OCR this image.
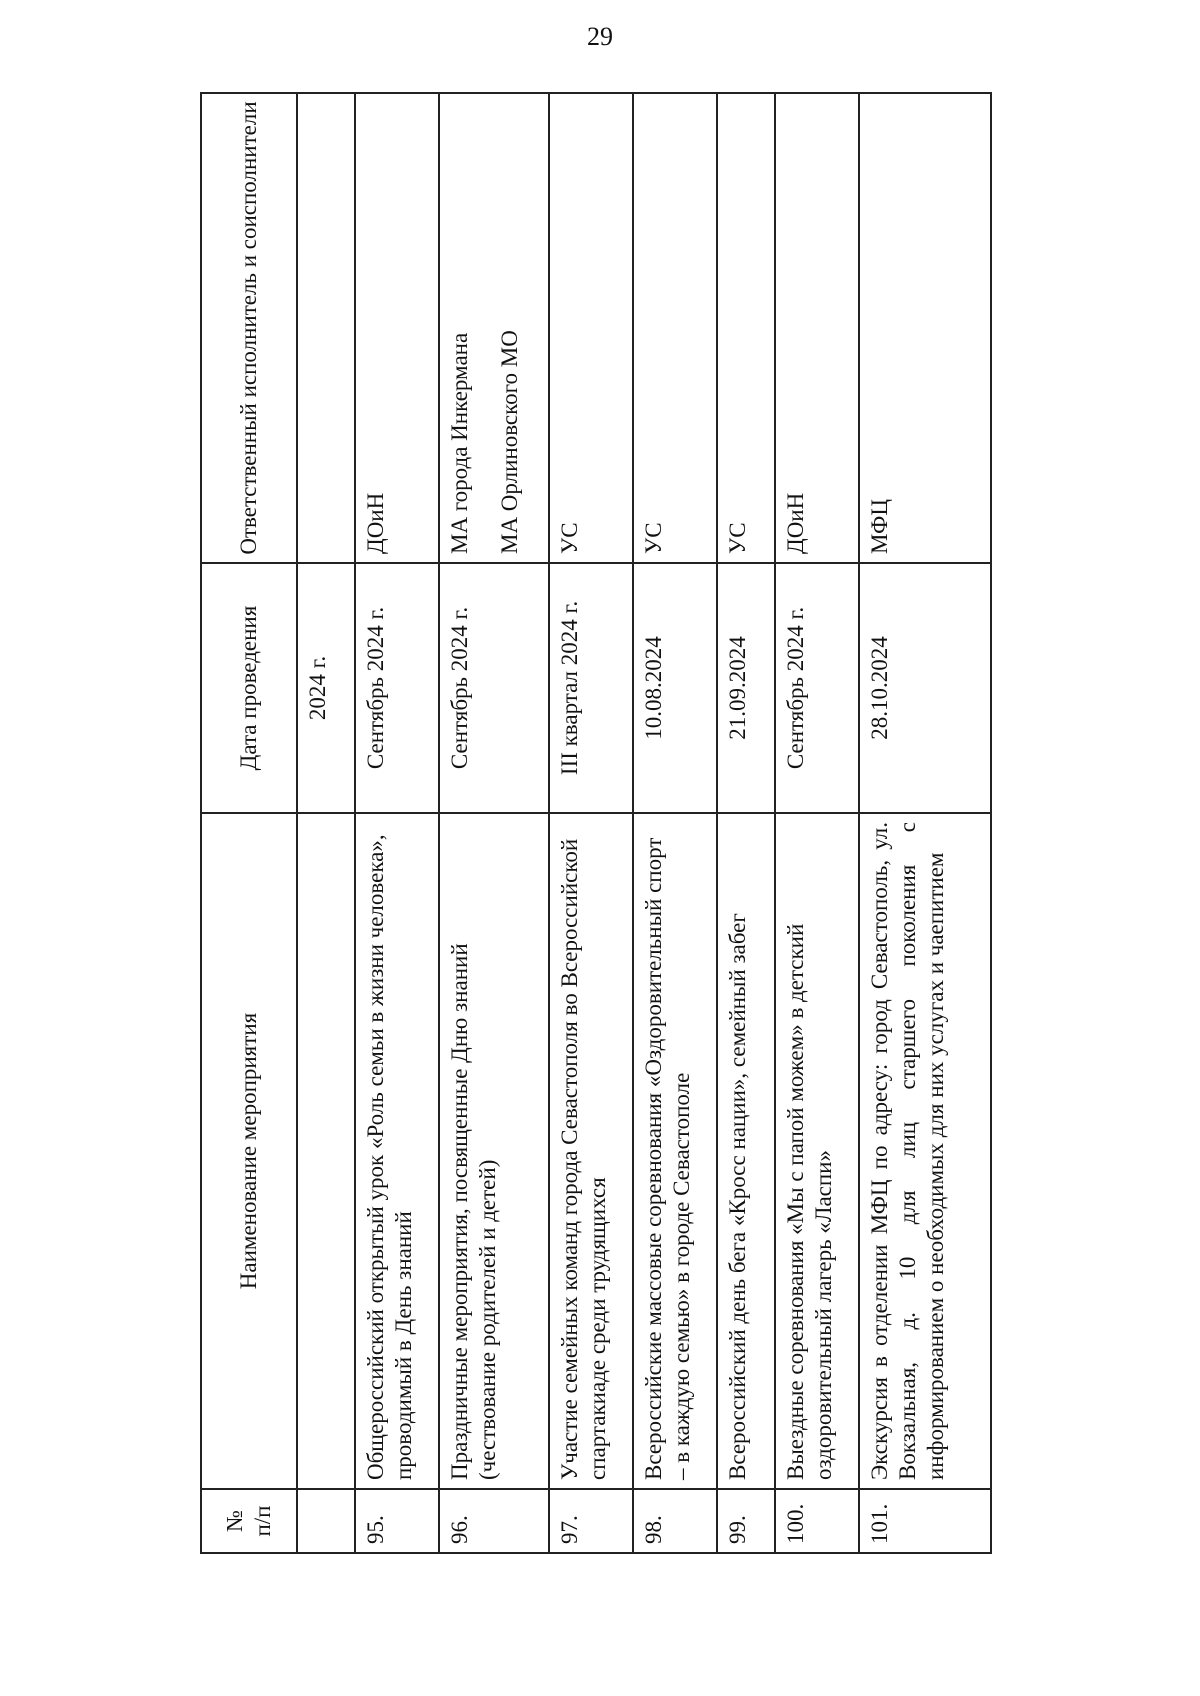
29
№ п/п	Наименование мероприятия	Дата проведения	Ответственный исполнитель и соисполнители
		2024 г.	
95.	Общероссийский открытый урок «Роль семьи в жизни человека», проводимый в День знаний	Сентябрь 2024 г.	ДОиН

96.	Праздничные мероприятия, посвященные Дню знаний (чествование родителей и детей)	Сентябрь 2024 г.	МА города Инкермана МА Орлиновского МО

97.	Участие семейных команд города Севастополя во Всероссийской спартакиаде среди трудящихся	III квартал 2024 г.	УС

98.	Всероссийские массовые соревнования «Оздоровительный спорт – в каждую семью» в городе Севастополе	10.08.2024	УС

99.	Всероссийский день бега «Кросс нации», семейный забег	21.09.2024	УС

100.	Выездные соревнования «Мы с папой можем» в детский оздоровительный лагерь «Ласпи»	Сентябрь 2024 г.	ДОиН

101.	Экскурсия в отделении МФЦ по адресу: город Севастополь, ул. Вокзальная, д. 10 для лиц старшего поколения с информированием о необходимых для них услугах и чаепитием	28.10.2024	МФЦ
